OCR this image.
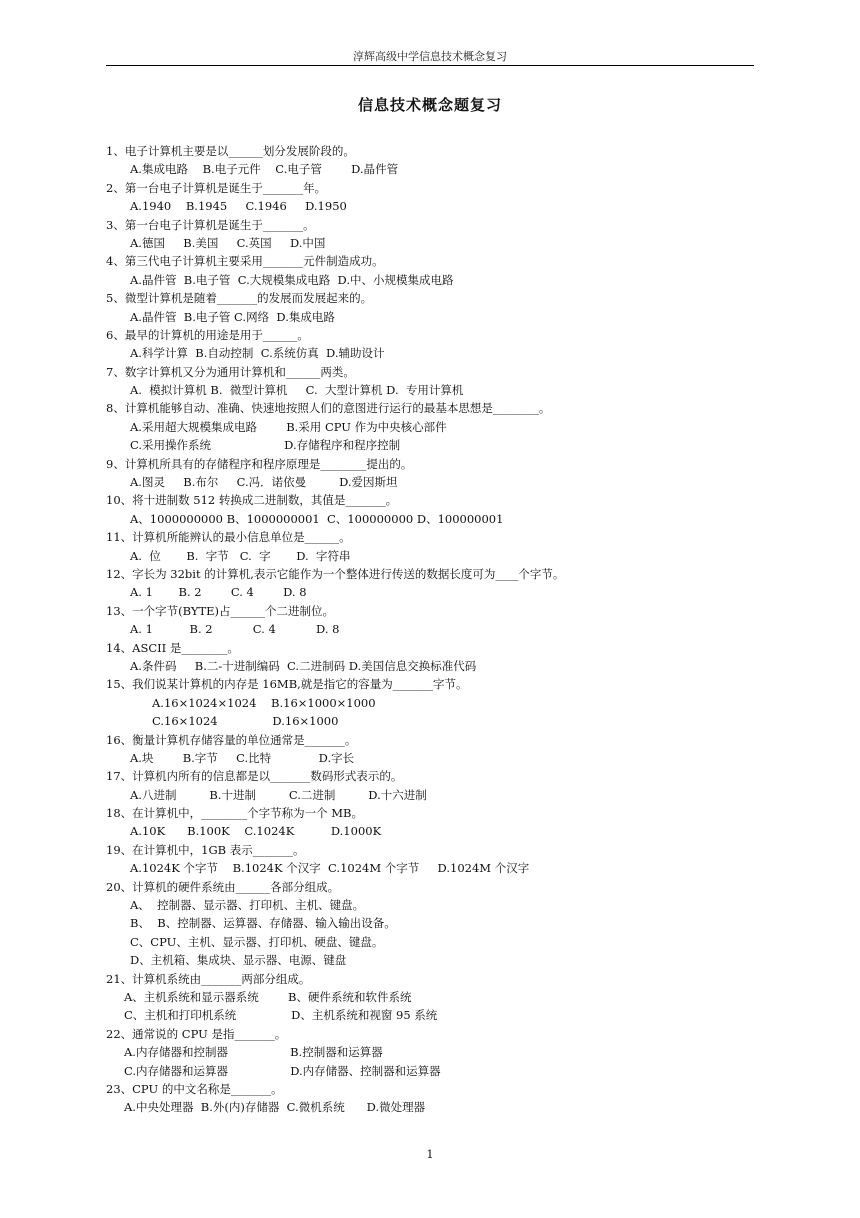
淳辉高级中学信息技术概念复习
信息技术概念题复习
1、电子计算机主要是以______划分发展阶段的。
A.集成电路    B.电子元件    C.电子管        D.晶件管
2、第一台电子计算机是诞生于_______年。
A.1940    B.1945     C.1946     D.1950
3、第一台电子计算机是诞生于_______。
A.德国     B.美国     C.英国     D.中国
4、第三代电子计算机主要采用_______元件制造成功。
A.晶件管  B.电子管  C.大规模集成电路  D.中、小规模集成电路
5、微型计算机是随着_______的发展而发展起来的。
A.晶件管  B.电子管 C.网络  D.集成电路
6、最早的计算机的用途是用于______。
A.科学计算  B.自动控制  C.系统仿真  D.辅助设计
7、数字计算机又分为通用计算机和______两类。
A.  模拟计算机 B.  微型计算机     C.  大型计算机 D.  专用计算机
8、计算机能够自动、准确、快速地按照人们的意图进行运行的最基本思想是________。
A.采用超大规模集成电路        B.采用 CPU 作为中央核心部件
C.采用操作系统                    D.存储程序和程序控制
9、计算机所具有的存储程序和程序原理是________提出的。
A.图灵     B.布尔     C.冯．诺依曼         D.爱因斯坦
10、将十进制数 512 转换成二进制数，其值是_______。
A、1000000000 B、1000000001  C、100000000 D、100000001
11、计算机所能辨认的最小信息单位是______。
A.  位       B.  字节   C.  字       D.  字符串
12、字长为 32bit 的计算机,表示它能作为一个整体进行传送的数据长度可为____个字节。
A. 1       B. 2        C. 4        D. 8
13、一个字节(BYTE)占______个二进制位。
A. 1          B. 2           C. 4           D. 8
14、ASCII 是________。
A.条件码     B.二-十进制编码  C.二进制码 D.美国信息交换标准代码
15、我们说某计算机的内存是 16MB,就是指它的容量为_______字节。
A.16×1024×1024    B.16×1000×1000
C.16×1024               D.16×1000
16、衡量计算机存储容量的单位通常是_______。
A.块        B.字节     C.比特             D.字长
17、计算机内所有的信息都是以_______数码形式表示的。
A.八进制         B.十进制         C.二进制         D.十六进制
18、在计算机中，________个字节称为一个 MB。
A.10K      B.100K    C.1024K          D.1000K
19、在计算机中，1GB 表示_______。
A.1024K 个字节    B.1024K 个汉字  C.1024M 个字节     D.1024M 个汉字
20、计算机的硬件系统由______各部分组成。
A、  控制器、显示器、打印机、主机、键盘。
B、  B、控制器、运算器、存储器、输入输出设备。
C、CPU、主机、显示器、打印机、硬盘、键盘。
D、主机箱、集成块、显示器、电源、键盘
21、计算机系统由_______两部分组成。
A、主机系统和显示器系统        B、硬件系统和软件系统
C、主机和打印机系统               D、主机系统和视窗 95 系统
22、通常说的 CPU 是指_______。
A.内存储器和控制器                 B.控制器和运算器
C.内存储器和运算器                 D.内存储器、控制器和运算器
23、CPU 的中文名称是_______。
A.中央处理器  B.外(内)存储器  C.微机系统      D.微处理器
1
